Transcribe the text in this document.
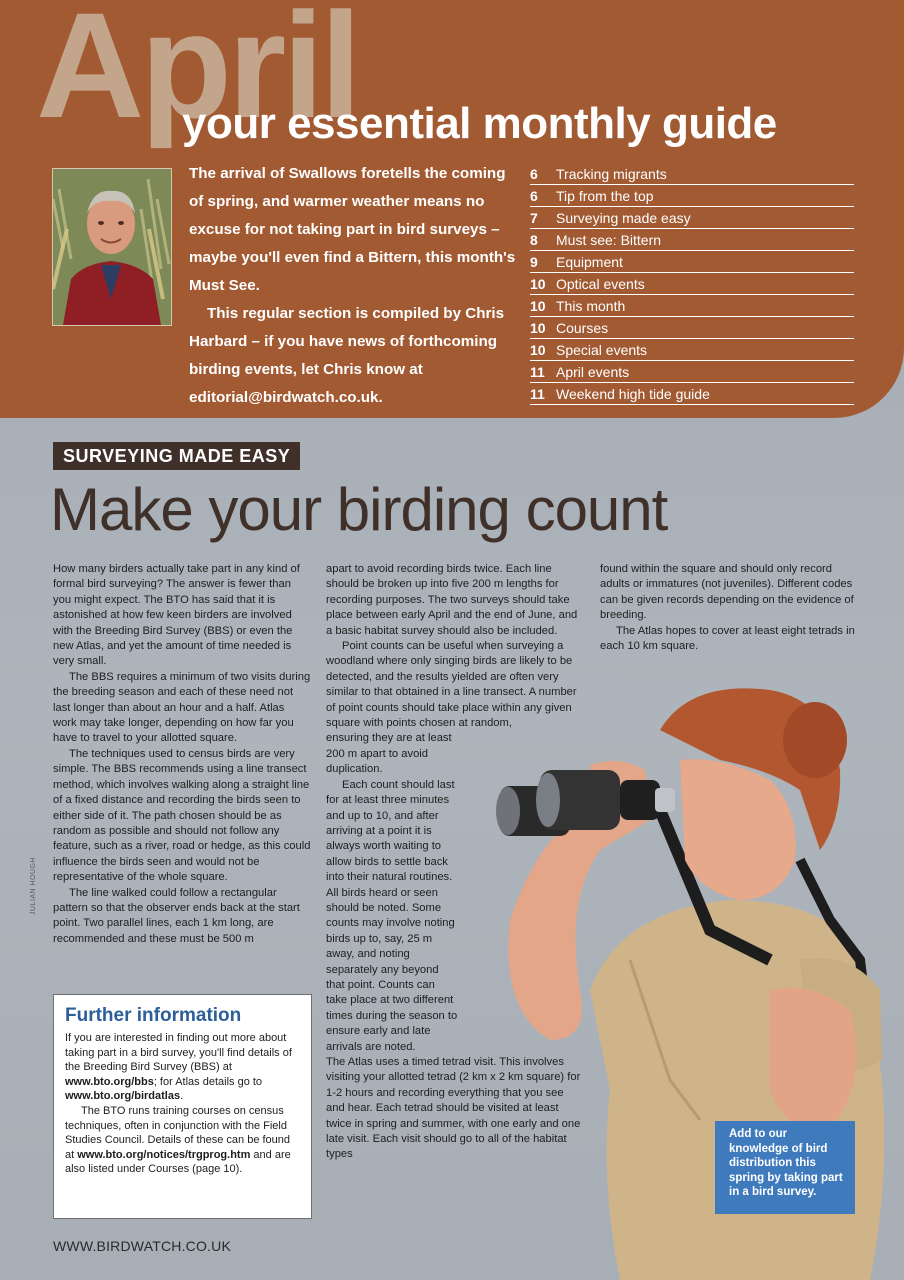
April
your essential monthly guide

The arrival of Swallows foretells the coming of spring, and warmer weather means no excuse for not taking part in bird surveys – maybe you'll even find a Bittern, this month's Must See.

This regular section is compiled by Chris Harbard – if you have news of forthcoming birding events, let Chris know at editorial@birdwatch.co.uk.

6	Tracking migrants
6	Tip from the top
7	Surveying made easy
8	Must see: Bittern
9	Equipment
10 Optical events
10 This month
10 Courses
10 Special events
11 April events
11 Weekend high tide guide
SURVEYING MADE EASY
Make your birding count

How many birders actually take part in any kind of formal bird surveying? The answer is fewer than you might expect. The BTO has said that it is astonished at how few keen birders are involved with the Breeding Bird Survey (BBS) or even the new Atlas, and yet the amount of time needed is very small.

The BBS requires a minimum of two visits during the breeding season and each of these need not last longer than about an hour and a half. Atlas work may take longer, depending on how far you have to travel to your allotted square.

The techniques used to census birds are very simple. The BBS recommends using a line transect method, which involves walking along a straight line of a fixed distance and recording the birds seen to either side of it. The path chosen should be as random as possible and should not follow any feature, such as a river, road or hedge, as this could influence the birds seen and would not be representative of the whole square.

The line walked could follow a rectangular pattern so that the observer ends back at the start point. Two parallel lines, each 1 km long, are recommended and these must be 500 m

apart to avoid recording birds twice. Each line should be broken up into five 200 m lengths for recording purposes. The two surveys should take place between early April and the end of June, and a basic habitat survey should also be included.

Point counts can be useful when surveying a woodland where only singing birds are likely to be detected, and the results yielded are often very similar to that obtained in a line transect. A number of point counts should take place within any given square with points chosen at random,

ensuring they are at least 200 m apart to avoid duplication.

Each count should last for at least three minutes and up to 10, and after arriving at a point it is always worth waiting to allow birds to settle back into their natural routines. All birds heard or seen should be noted. Some counts may involve noting birds up to, say, 25 m away, and noting separately any beyond that point. Counts can take place at two different times during the season to ensure early and late arrivals are noted.

The Atlas uses a timed tetrad visit. This involves visiting your allotted tetrad (2 km x 2 km square) for 1-2 hours and recording everything that you see and hear. Each tetrad should be visited at least twice in spring and summer, with one early and one late visit. Each visit should go to all of the habitat types

found within the square and should only record adults or immatures (not juveniles). Different codes can be given records depending on the evidence of breeding.

The Atlas hopes to cover at least eight tetrads in each 10 km square.

JULIAN HOUGH
Further information

If you are interested in finding out more about taking part in a bird survey, you'll find details of the Breeding Bird Survey (BBS) at www.bto.org/bbs; for Atlas details go to www.bto.org/birdatlas.

The BTO runs training courses on census techniques, often in conjunction with the Field Studies Council. Details of these can be found at www.bto.org/notices/trgprog.htm and are also listed under Courses (page 10).

Add to our knowledge of bird distribution this spring by taking part in a bird survey.
WWW.BIRDWATCH.CO.UK
